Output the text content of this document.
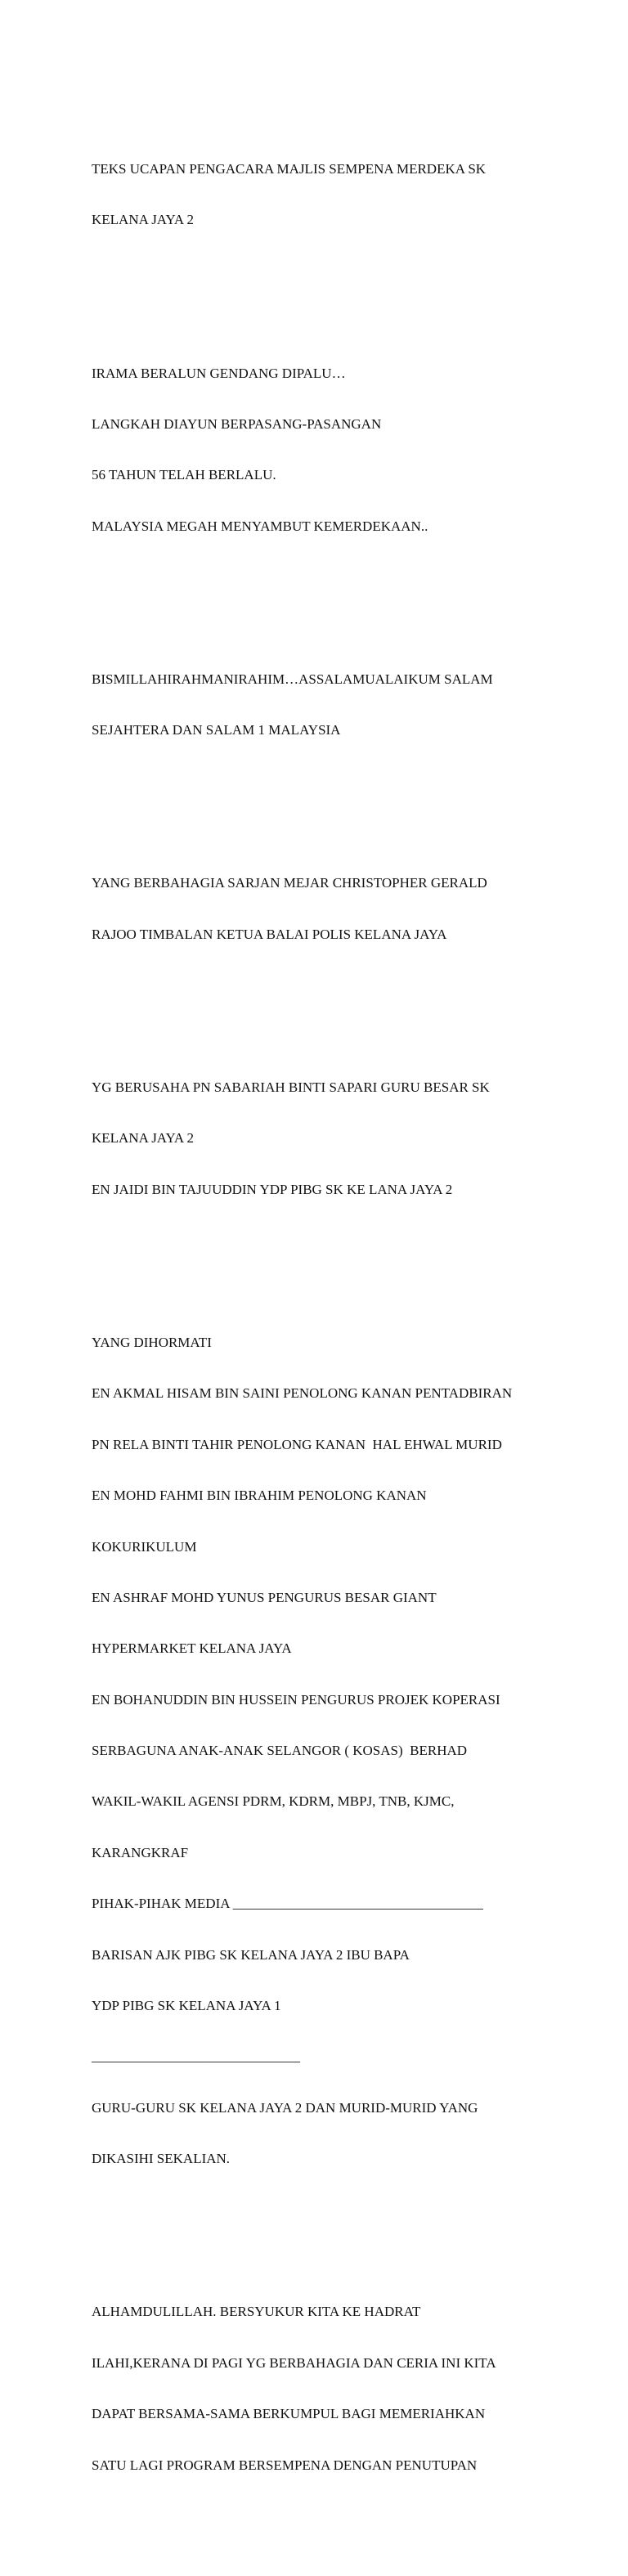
TEKS UCAPAN PENGACARA MAJLIS SEMPENA MERDEKA SK

KELANA JAYA 2

IRAMA BERALUN GENDANG DIPALU…

LANGKAH DIAYUN BERPASANG-PASANGAN

56 TAHUN TELAH BERLALU.

MALAYSIA MEGAH MENYAMBUT KEMERDEKAAN..

BISMILLAHIRAHMANIRAHIM…ASSALAMUALAIKUM SALAM

SEJAHTERA DAN SALAM 1 MALAYSIA

YANG BERBAHAGIA SARJAN MEJAR CHRISTOPHER GERALD

RAJOO TIMBALAN KETUA BALAI POLIS KELANA JAYA

YG BERUSAHA PN SABARIAH BINTI SAPARI GURU BESAR SK

KELANA JAYA 2

EN JAIDI BIN TAJUUDDIN YDP PIBG SK KE LANA JAYA 2

YANG DIHORMATI

EN AKMAL HISAM BIN SAINI PENOLONG KANAN PENTADBIRAN

PN RELA BINTI TAHIR PENOLONG KANAN  HAL EHWAL MURID

EN MOHD FAHMI BIN IBRAHIM PENOLONG KANAN

KOKURIKULUM

EN ASHRAF MOHD YUNUS PENGURUS BESAR GIANT

HYPERMARKET KELANA JAYA

EN BOHANUDDIN BIN HUSSEIN PENGURUS PROJEK KOPERASI

SERBAGUNA ANAK-ANAK SELANGOR ( KOSAS)  BERHAD

WAKIL-WAKIL AGENSI PDRM, KDRM, MBPJ, TNB, KJMC,

KARANGKRAF

PIHAK-PIHAK MEDIA ____________________________________

BARISAN AJK PIBG SK KELANA JAYA 2 IBU BAPA

YDP PIBG SK KELANA JAYA 1

______________________________

GURU-GURU SK KELANA JAYA 2 DAN MURID-MURID YANG

DIKASIHI SEKALIAN.

ALHAMDULILLAH. BERSYUKUR KITA KE HADRAT

ILAHI,KERANA DI PAGI YG BERBAHAGIA DAN CERIA INI KITA

DAPAT BERSAMA-SAMA BERKUMPUL BAGI MEMERIAHKAN

SATU LAGI PROGRAM BERSEMPENA DENGAN PENUTUPAN
